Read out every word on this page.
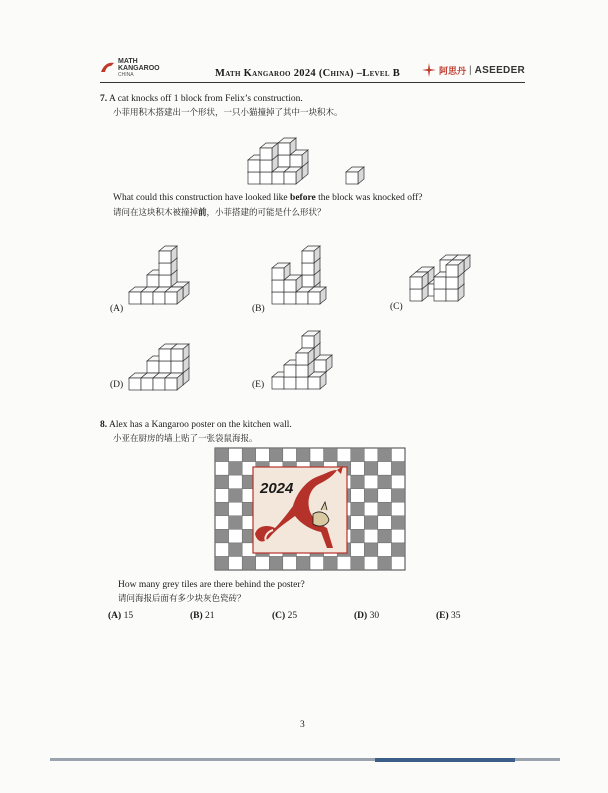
MATH
KANGAROO
CHINA	Math Kangaroo 2024 (China) –Level B	阿思丹 | ASEEDER
7. A cat knocks off 1 block from Felix’s construction.
小菲用积木搭建出一个形状，一只小猫撞掉了其中一块积木。
What could this construction have looked like before the block was knocked off?
请问在这块积木被撞掉前，小菲搭建的可能是什么形状？
(A)	(B)	(C)
(D)	(E)
8. Alex has a Kangaroo poster on the kitchen wall.
小亚在厨房的墙上贴了一张袋鼠海报。
2024
How many grey tiles are there behind the poster?
请问海报后面有多少块灰色瓷砖？
(A) 15	(B) 21	(C) 25	(D) 30	(E) 35
3
